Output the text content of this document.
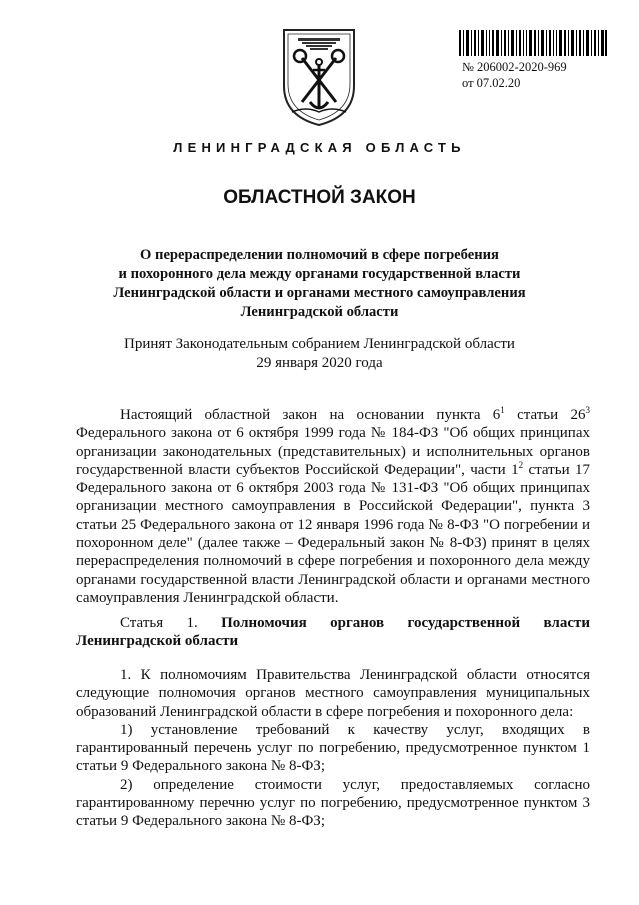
№ 206002-2020-969
от 07.02.20
ЛЕНИНГРАДСКАЯ ОБЛАСТЬ
ОБЛАСТНОЙ ЗАКОН
О перераспределении полномочий в сфере погребения
и похоронного дела между органами государственной власти
Ленинградской области и органами местного самоуправления
Ленинградской области
Принят Законодательным собранием Ленинградской области
29 января 2020 года

Настоящий областной закон на основании пункта $6^1$ статьи $26^3$ Федерального закона от 6 октября 1999 года № 184-ФЗ "Об общих принципах организации законодательных (представительных) и исполнительных органов государственной власти субъектов Российской Федерации", части $1^2$ статьи 17 Федерального закона от 6 октября 2003 года № 131-ФЗ "Об общих принципах организации местного самоуправления в Российской Федерации", пункта 3 статьи 25 Федерального закона от 12 января 1996 года № 8-ФЗ "О погребении и похоронном деле" (далее также – Федеральный закон № 8-ФЗ) принят в целях перераспределения полномочий в сфере погребения и похоронного дела между органами государственной власти Ленинградской области и органами местного самоуправления Ленинградской области.

Статья 1. Полномочия органов государственной власти Ленинградской области

1. К полномочиям Правительства Ленинградской области относятся следующие полномочия органов местного самоуправления муниципальных образований Ленинградской области в сфере погребения и похоронного дела:

1) установление требований к качеству услуг, входящих в гарантированный перечень услуг по погребению, предусмотренное пунктом 1 статьи 9 Федерального закона № 8-ФЗ;

2) определение стоимости услуг, предоставляемых согласно гарантированному перечню услуг по погребению, предусмотренное пунктом 3 статьи 9 Федерального закона № 8-ФЗ;
